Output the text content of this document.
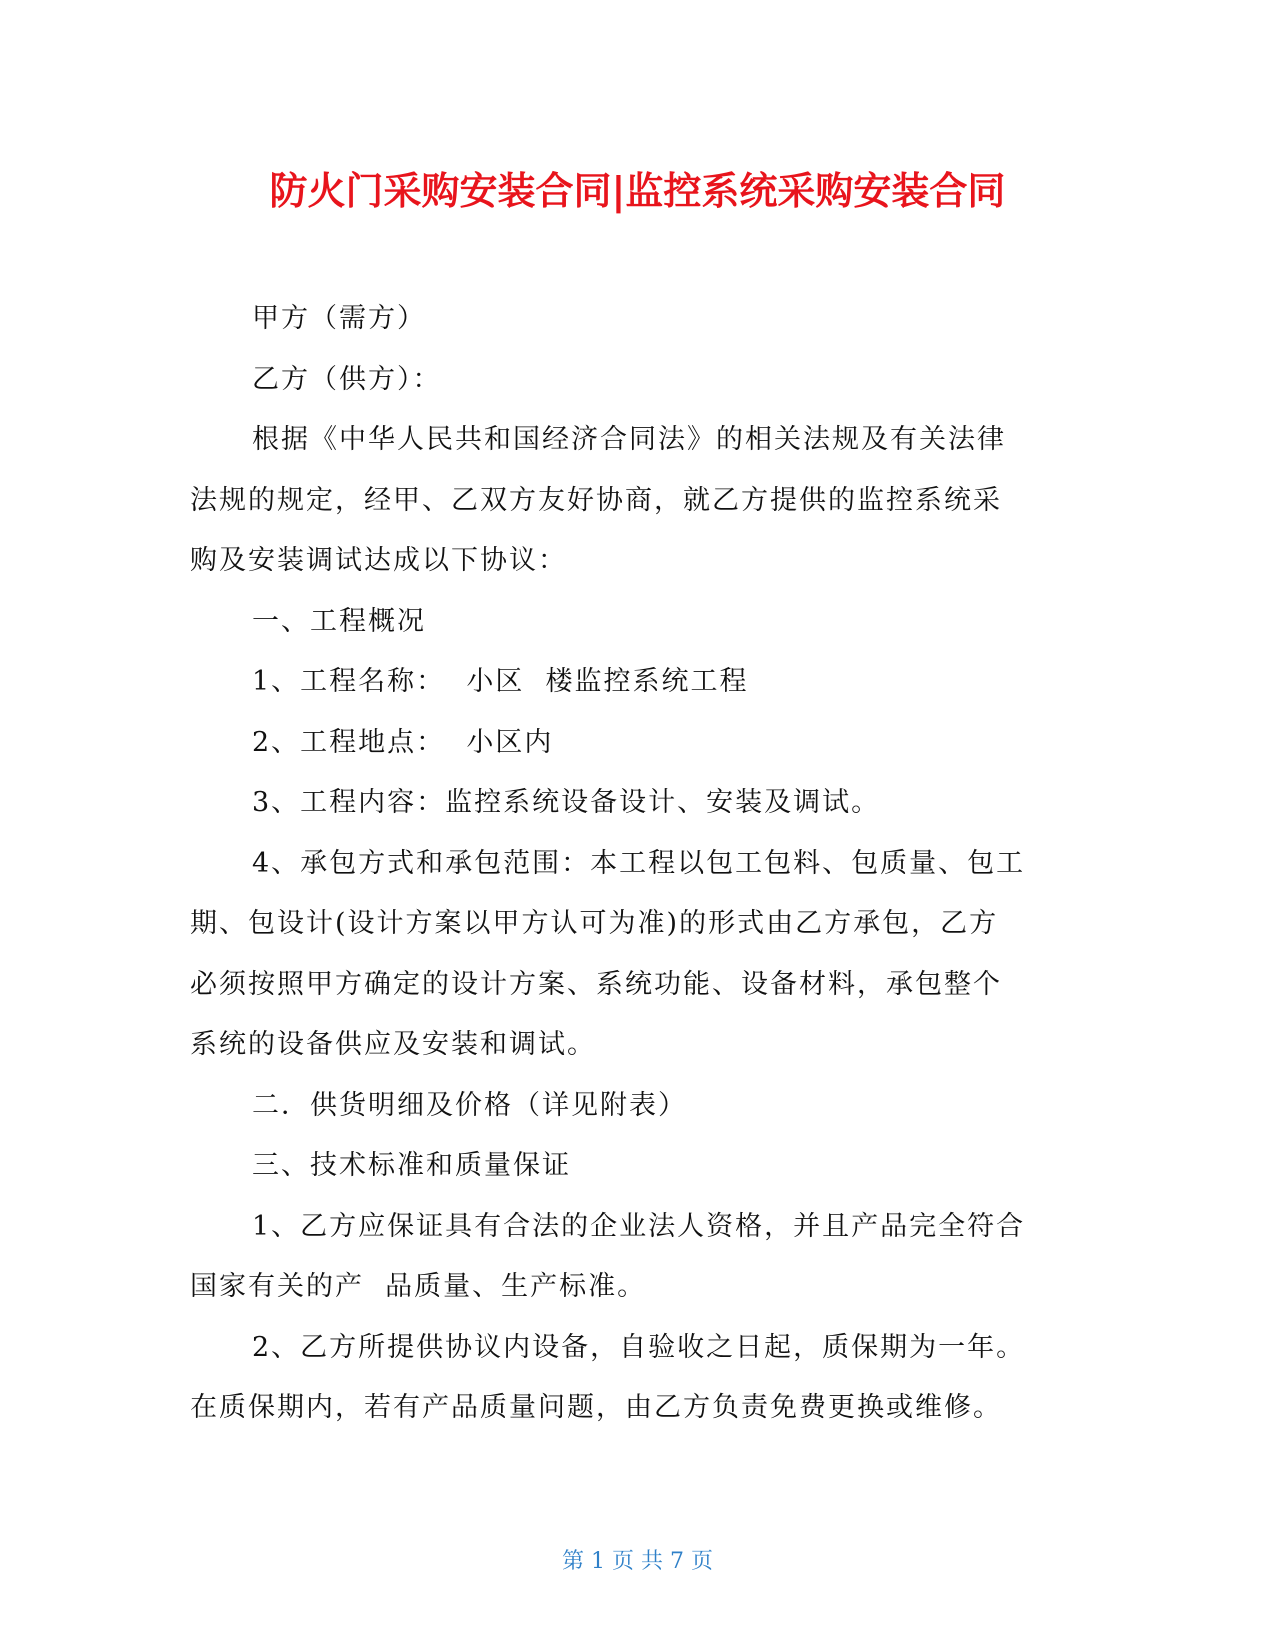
防火门采购安装合同|监控系统采购安装合同
甲方（需方）
乙方（供方）：
根据《中华人民共和国经济合同法》的相关法规及有关法律
法规的规定，经甲、乙双方友好协商，就乙方提供的监控系统采
购及安装调试达成以下协议：
一、工程概况
1、工程名称：  小区  楼监控系统工程
2、工程地点：  小区内
3、工程内容：监控系统设备设计、安装及调试。
4、承包方式和承包范围：本工程以包工包料、包质量、包工
期、包设计(设计方案以甲方认可为准)的形式由乙方承包，乙方
必须按照甲方确定的设计方案、系统功能、设备材料，承包整个
系统的设备供应及安装和调试。
二．供货明细及价格（详见附表）
三、技术标准和质量保证
1、乙方应保证具有合法的企业法人资格，并且产品完全符合
国家有关的产  品质量、生产标准。
2、乙方所提供协议内设备，自验收之日起，质保期为一年。
在质保期内，若有产品质量问题，由乙方负责免费更换或维修。
第 1 页 共 7 页
